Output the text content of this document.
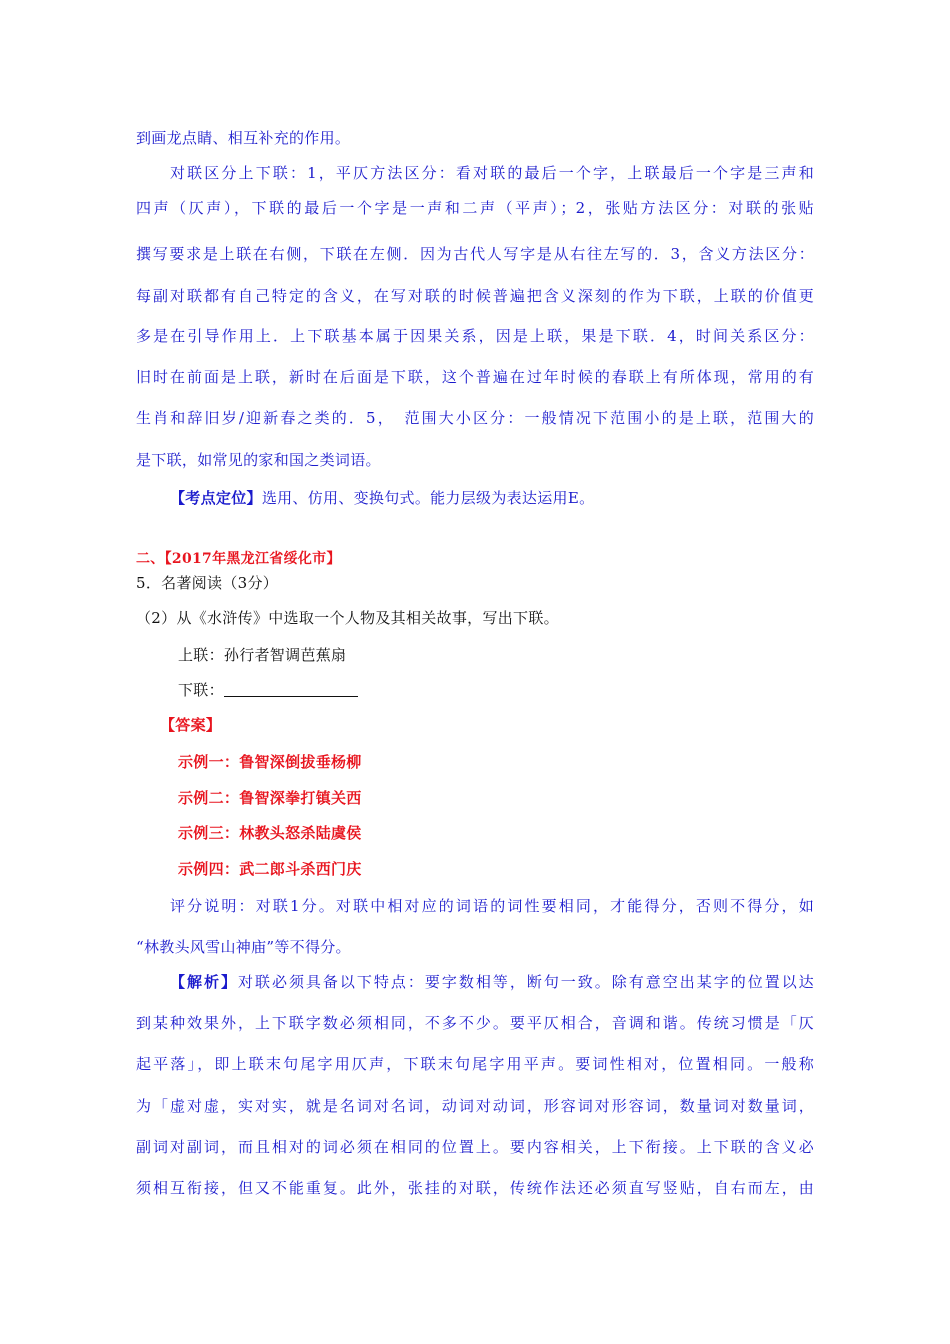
到画龙点睛、相互补充的作用。
对联区分上下联：1，平仄方法区分：看对联的最后一个字，上联最后一个字是三声和
四声（仄声），下联的最后一个字是一声和二声（平声）；2，张贴方法区分：对联的张贴
撰写要求是上联在右侧，下联在左侧．因为古代人写字是从右往左写的．3，含义方法区分：
每副对联都有自己特定的含义，在写对联的时候普遍把含义深刻的作为下联，上联的价值更
多是在引导作用上．上下联基本属于因果关系，因是上联，果是下联．4，时间关系区分：
旧时在前面是上联，新时在后面是下联，这个普遍在过年时候的春联上有所体现，常用的有
生肖和辞旧岁/迎新春之类的．5，　范围大小区分：一般情况下范围小的是上联，范围大的
是下联，如常见的家和国之类词语。
【考点定位】选用、仿用、变换句式。能力层级为表达运用E。
二、【2017年黑龙江省绥化市】
5．名著阅读（3分）
（2）从《水浒传》中选取一个人物及其相关故事，写出下联。
上联：孙行者智调芭蕉扇
下联：
【答案】
示例一：鲁智深倒拔垂杨柳
示例二：鲁智深拳打镇关西
示例三：林教头怒杀陆虞侯
示例四：武二郎斗杀西门庆
评分说明：对联1分。对联中相对应的词语的词性要相同，才能得分，否则不得分，如
“林教头风雪山神庙”等不得分。
【解析】对联必须具备以下特点：要字数相等，断句一致。除有意空出某字的位置以达
到某种效果外，上下联字数必须相同，不多不少。要平仄相合，音调和谐。传统习惯是「仄
起平落」，即上联末句尾字用仄声，下联末句尾字用平声。要词性相对，位置相同。一般称
为「虚对虚，实对实，就是名词对名词，动词对动词，形容词对形容词，数量词对数量词，
副词对副词，而且相对的词必须在相同的位置上。要内容相关，上下衔接。上下联的含义必
须相互衔接，但又不能重复。此外，张挂的对联，传统作法还必须直写竖贴，自右而左，由
